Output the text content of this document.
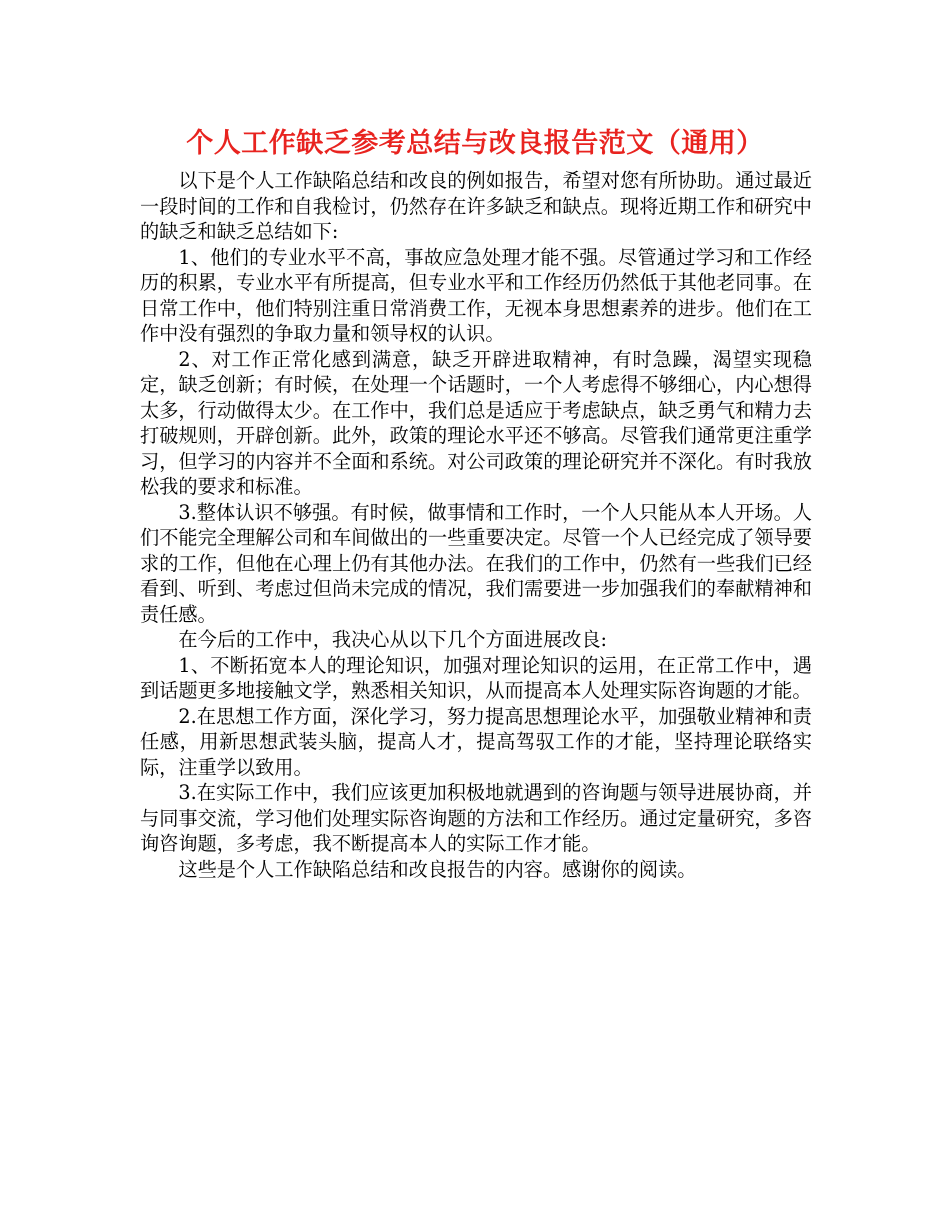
个人工作缺乏参考总结与改良报告范文（通用）

以下是个人工作缺陷总结和改良的例如报告，希望对您有所协助。通过最近一段时间的工作和自我检讨，仍然存在许多缺乏和缺点。现将近期工作和研究中的缺乏和缺乏总结如下:

1、他们的专业水平不高，事故应急处理才能不强。尽管通过学习和工作经历的积累，专业水平有所提高，但专业水平和工作经历仍然低于其他老同事。在日常工作中，他们特别注重日常消费工作，无视本身思想素养的进步。他们在工作中没有强烈的争取力量和领导权的认识。

2、对工作正常化感到满意，缺乏开辟进取精神，有时急躁，渴望实现稳定，缺乏创新；有时候，在处理一个话题时，一个人考虑得不够细心，内心想得太多，行动做得太少。在工作中，我们总是适应于考虑缺点，缺乏勇气和精力去打破规则，开辟创新。此外，政策的理论水平还不够高。尽管我们通常更注重学习，但学习的内容并不全面和系统。对公司政策的理论研究并不深化。有时我放松我的要求和标准。

3.整体认识不够强。有时候，做事情和工作时，一个人只能从本人开场。人们不能完全理解公司和车间做出的一些重要决定。尽管一个人已经完成了领导要求的工作，但他在心理上仍有其他办法。在我们的工作中，仍然有一些我们已经看到、听到、考虑过但尚未完成的情况，我们需要进一步加强我们的奉献精神和责任感。

在今后的工作中，我决心从以下几个方面进展改良:

1、不断拓宽本人的理论知识，加强对理论知识的运用，在正常工作中，遇到话题更多地接触文学，熟悉相关知识，从而提高本人处理实际咨询题的才能。

2.在思想工作方面，深化学习，努力提高思想理论水平，加强敬业精神和责任感，用新思想武装头脑，提高人才，提高驾驭工作的才能，坚持理论联络实际，注重学以致用。

3.在实际工作中，我们应该更加积极地就遇到的咨询题与领导进展协商，并与同事交流，学习他们处理实际咨询题的方法和工作经历。通过定量研究，多咨询咨询题，多考虑，我不断提高本人的实际工作才能。

这些是个人工作缺陷总结和改良报告的内容。感谢你的阅读。
